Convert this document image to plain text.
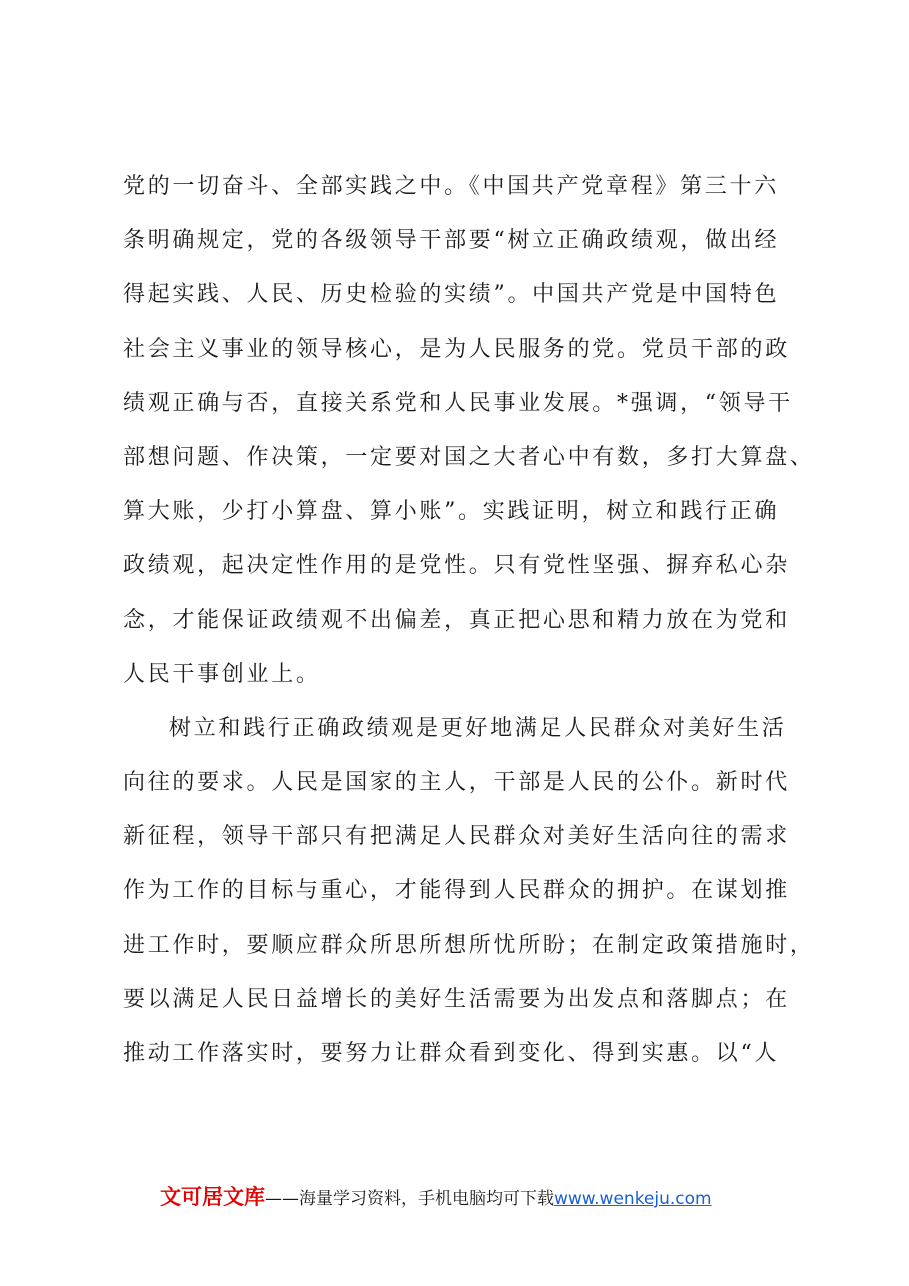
党的一切奋斗、全部实践之中。《中国共产党章程》第三十六
条明确规定，党的各级领导干部要“树立正确政绩观，做出经
得起实践、人民、历史检验的实绩”。中国共产党是中国特色
社会主义事业的领导核心，是为人民服务的党。党员干部的政
绩观正确与否，直接关系党和人民事业发展。*强调，“领导干
部想问题、作决策，一定要对国之大者心中有数，多打大算盘、
算大账，少打小算盘、算小账”。实践证明，树立和践行正确
政绩观，起决定性作用的是党性。只有党性坚强、摒弃私心杂
念，才能保证政绩观不出偏差，真正把心思和精力放在为党和
人民干事创业上。
树立和践行正确政绩观是更好地满足人民群众对美好生活
向往的要求。人民是国家的主人，干部是人民的公仆。新时代
新征程，领导干部只有把满足人民群众对美好生活向往的需求
作为工作的目标与重心，才能得到人民群众的拥护。在谋划推
进工作时，要顺应群众所思所想所忧所盼；在制定政策措施时，
要以满足人民日益增长的美好生活需要为出发点和落脚点；在
推动工作落实时，要努力让群众看到变化、得到实惠。以“人
文可居文库——海量学习资料，手机电脑均可下载www.wenkeju.com
